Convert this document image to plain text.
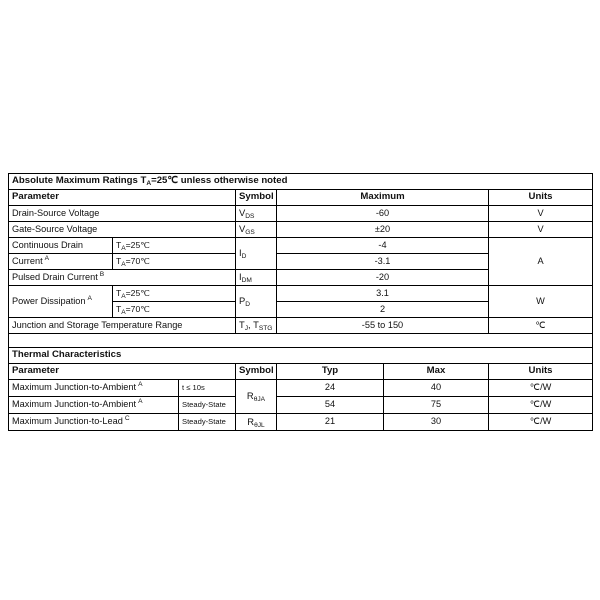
Absolute Maximum Ratings $T_A=25℃$ unless otherwise noted				
Parameter		Symbol	Maximum	Units
Drain-Source Voltage		$V_{DS}$	-60	V
Gate-Source Voltage		$V_{GS}$	±20	V
Continuous Drain	$T_A=25℃$	$I_D$	-4	A
Current $^A$	$T_A=70℃$		-3.1	
Pulsed Drain Current $^B$		$I_{DM}$	-20	
Power Dissipation $^A$	$T_A=25℃$	$P_D$	3.1	W
	$T_A=70℃$		2	
Junction and Storage Temperature Range		$T_J$, $T_{STG}$	-55 to 150	℃

Thermal Characteristics					
Parameter		Symbol	Typ	Max	Units
Maximum Junction-to-Ambient $^A$	t ≤ 10s	$R_{\theta JA}$	24	40	℃/W
Maximum Junction-to-Ambient $^A$	Steady-State		54	75	℃/W
Maximum Junction-to-Lead $^C$	Steady-State	$R_{\theta JL}$	21	30	℃/W
